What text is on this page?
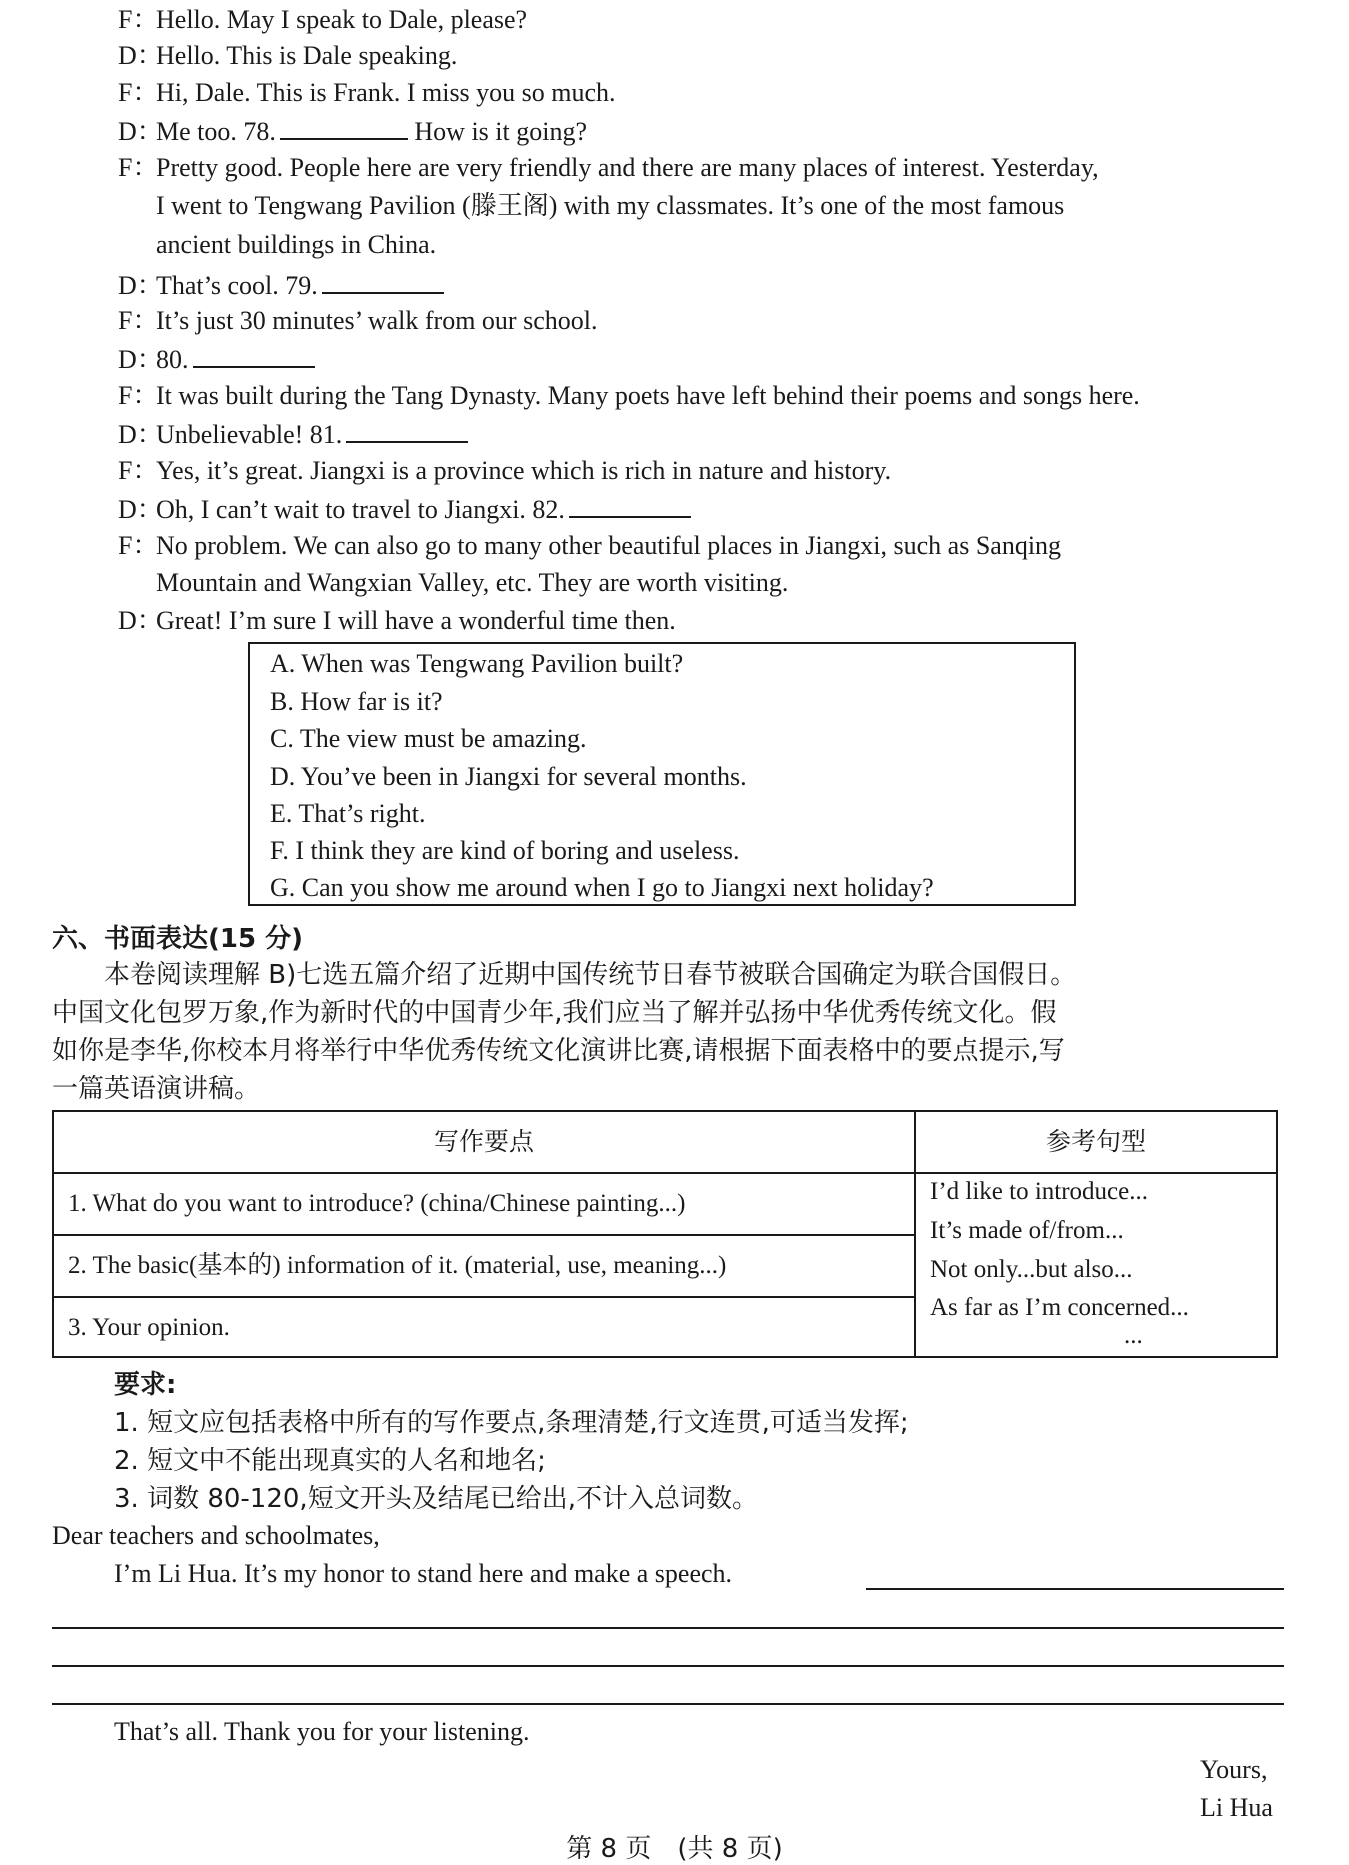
F：Hello. May I speak to Dale, please?
D：Hello. This is Dale speaking.
F：Hi, Dale. This is Frank. I miss you so much.
D：Me too. 78.	How is it going?
F：Pretty good. People here are very friendly and there are many places of interest. Yesterday,
I went to Tengwang Pavilion (滕王阁) with my classmates. It’s one of the most famous
ancient buildings in China.
D：That’s cool. 79.
F：It’s just 30 minutes’ walk from our school.
D：80.
F：It was built during the Tang Dynasty. Many poets have left behind their poems and songs here.
D：Unbelievable! 81.
F：Yes, it’s great. Jiangxi is a province which is rich in nature and history.
D：Oh, I can’t wait to travel to Jiangxi. 82.
F：No problem. We can also go to many other beautiful places in Jiangxi, such as Sanqing
Mountain and Wangxian Valley, etc. They are worth visiting.
D：Great! I’m sure I will have a wonderful time then.
A. When was Tengwang Pavilion built?
B. How far is it?
C. The view must be amazing.
D. You’ve been in Jiangxi for several months.
E. That’s right.
F. I think they are kind of boring and useless.
G. Can you show me around when I go to Jiangxi next holiday?
六、书面表达(15 分)
本卷阅读理解 B)七选五篇介绍了近期中国传统节日春节被联合国确定为联合国假日。
中国文化包罗万象,作为新时代的中国青少年,我们应当了解并弘扬中华优秀传统文化。假
如你是李华,你校本月将举行中华优秀传统文化演讲比赛,请根据下面表格中的要点提示,写
一篇英语演讲稿。
写作要点	参考句型
1. What do you want to introduce? (china/Chinese painting...)
2. The basic(基本的) information of it. (material, use, meaning...)
3. Your opinion.
I’d like to introduce...
It’s made of/from...
Not only...but also...
As far as I’m concerned...
...
要求:
1. 短文应包括表格中所有的写作要点,条理清楚,行文连贯,可适当发挥;
2. 短文中不能出现真实的人名和地名;
3. 词数 80-120,短文开头及结尾已给出,不计入总词数。
Dear teachers and schoolmates,
I’m Li Hua. It’s my honor to stand here and make a speech.
That’s all. Thank you for your listening.
Yours,
Li Hua
第 8 页　(共 8 页)
